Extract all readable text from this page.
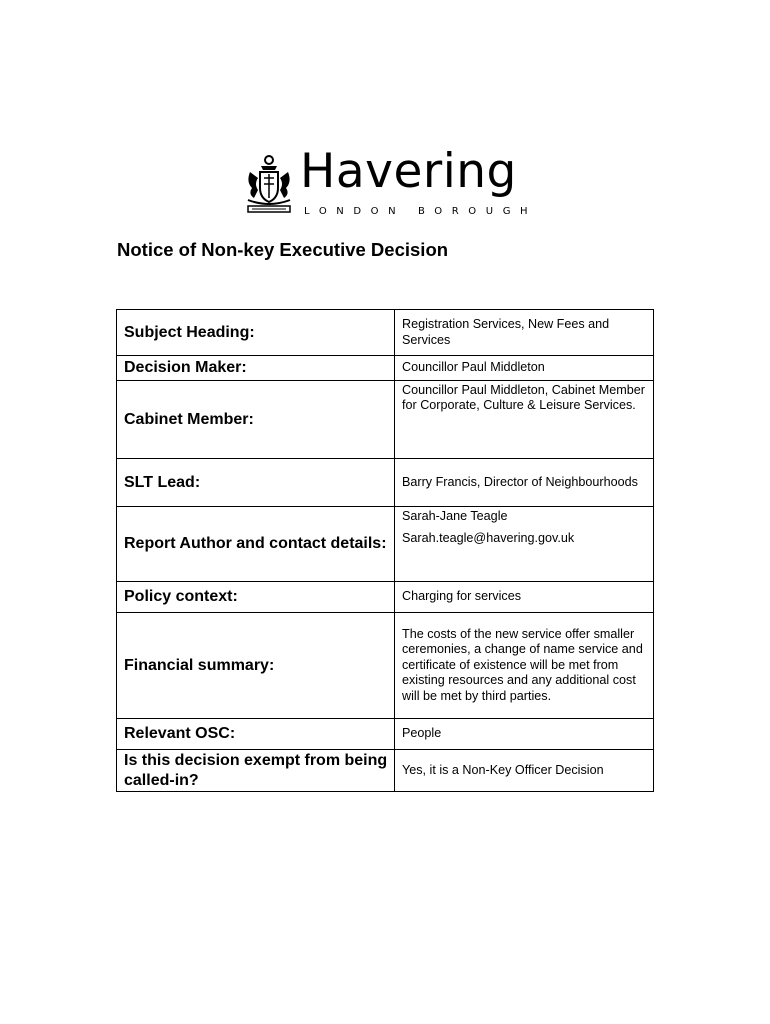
Havering
LONDON BOROUGH
Notice of Non-key Executive Decision
Subject Heading:	Registration Services, New Fees and Services
Decision Maker:	Councillor Paul Middleton
Cabinet Member:	Councillor Paul Middleton, Cabinet Member for Corporate, Culture & Leisure Services.
SLT Lead:	Barry Francis, Director of Neighbourhoods
Report Author and contact details:	Sarah-Jane Teagle
Sarah.teagle@havering.gov.uk

Policy context:	Charging for services
Financial summary:	The costs of the new service offer smaller ceremonies, a change of name service and certificate of existence will be met from existing resources and any additional cost will be met by third parties.
Relevant OSC:	People
Is this decision exempt from being called-in?	Yes, it is a Non-Key Officer Decision
